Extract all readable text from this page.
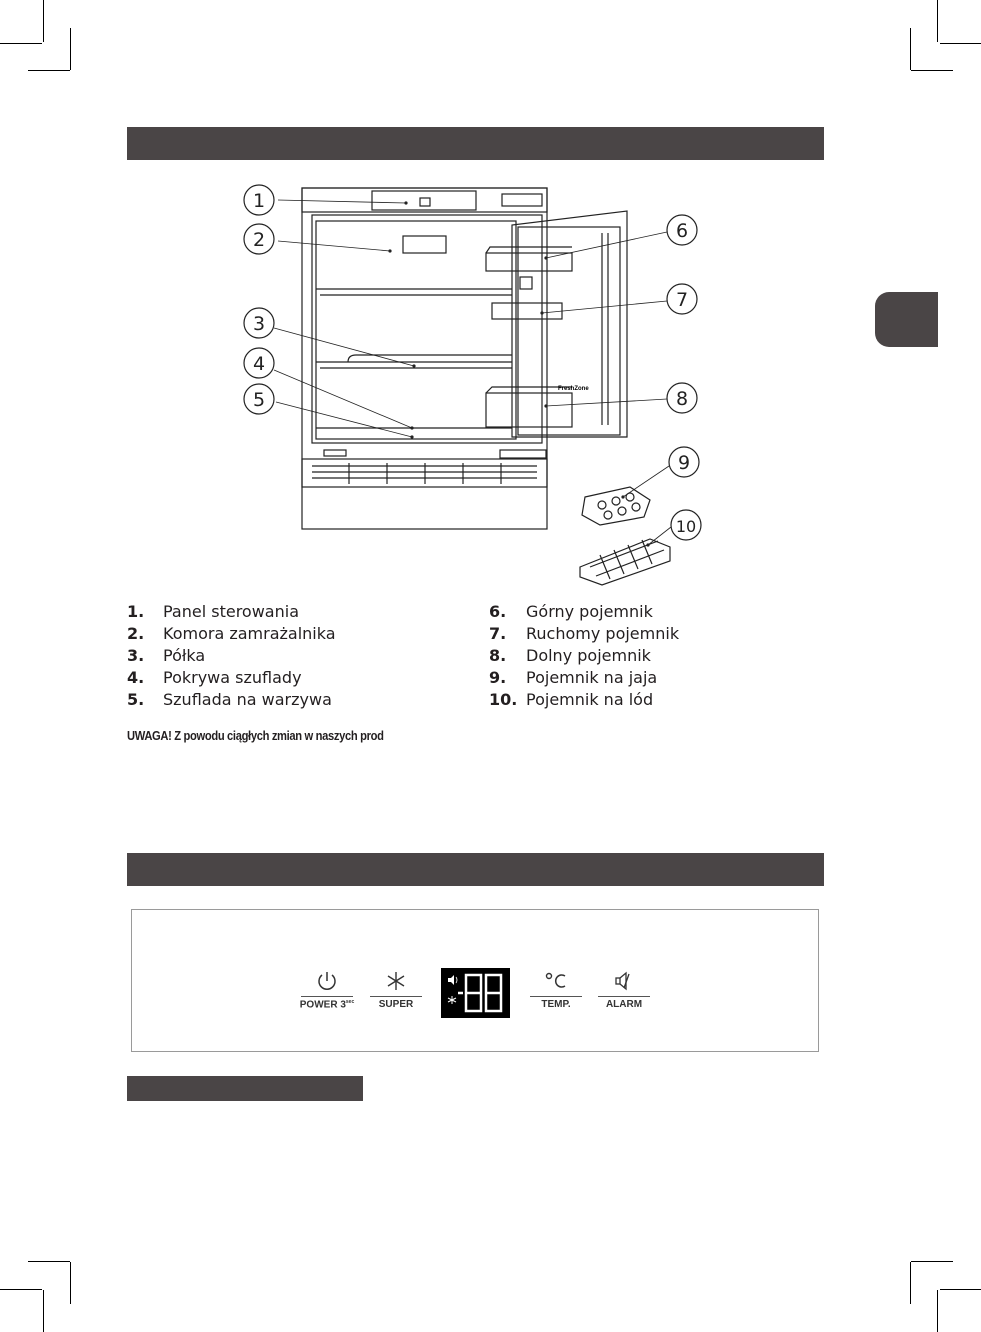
1
2
3
4
5
6
7
8
9
10
FreshZone
1. Panel sterowania
2. Komora zamrażalnika
3. Półka
4. Pokrywa szuflady
5. Szuflada na warzywa
6. Górny pojemnik
7. Ruchomy pojemnik
8. Dolny pojemnik
9. Pojemnik na jaja
10. Pojemnik na lód
UWAGA! Z powodu ciągłych zmian w naszych prod
POWER $3^{sec}$	SUPER	TEMP.	ALARM
